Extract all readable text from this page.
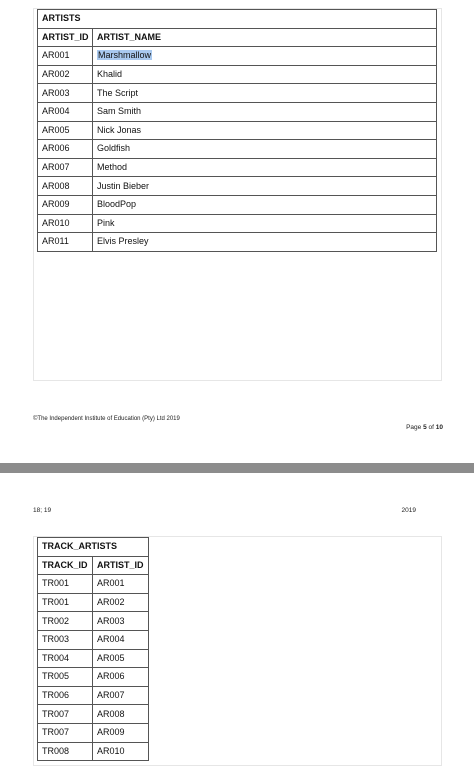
ARTISTS	
ARTIST_ID	ARTIST_NAME
AR001	Marshmallow
AR002	Khalid
AR003	The Script
AR004	Sam Smith
AR005	Nick Jonas
AR006	Goldfish
AR007	Method
AR008	Justin Bieber
AR009	BloodPop
AR010	Pink
AR011	Elvis Presley
©The Independent Institute of Education (Pty) Ltd 2019
Page 5 of 10
18; 19	2019
TRACK_ARTISTS	
TRACK_ID	ARTIST_ID
TR001	AR001
TR001	AR002
TR002	AR003
TR003	AR004
TR004	AR005
TR005	AR006
TR006	AR007
TR007	AR008
TR007	AR009
TR008	AR010
